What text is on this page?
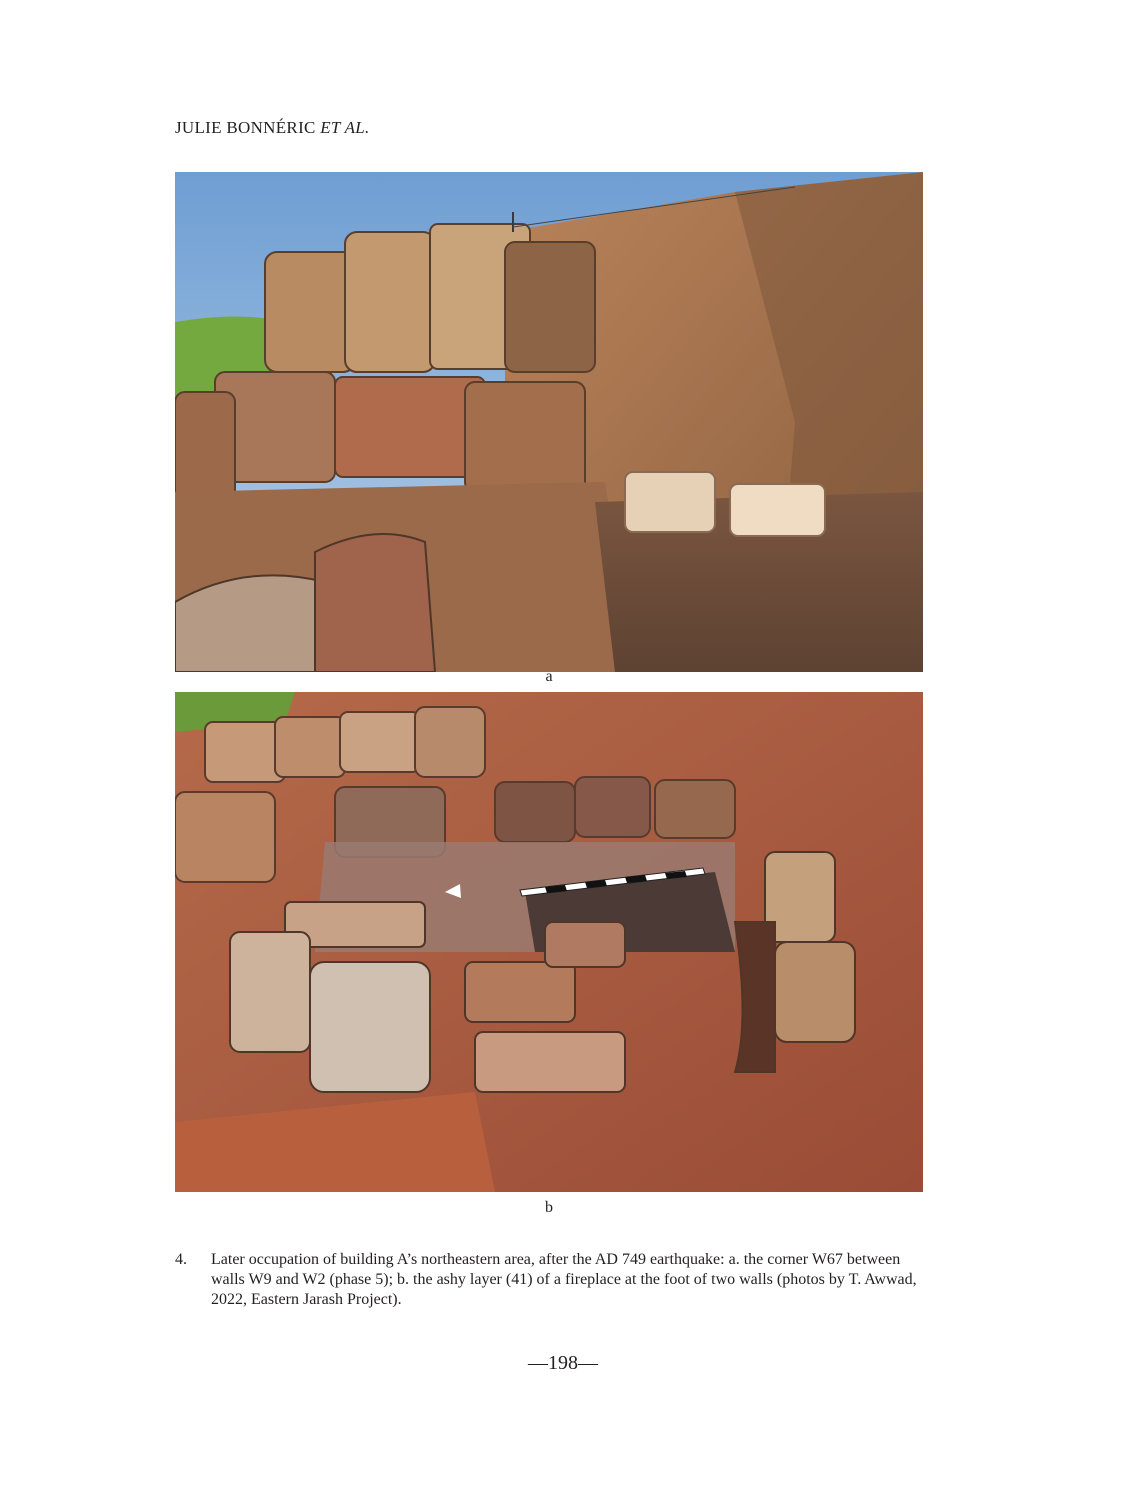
JULIE BONNÉRIC ET AL.
a
b
4. Later occupation of building A’s northeastern area, after the AD 749 earthquake: a. the corner W67 between walls W9 and W2 (phase 5); b. the ashy layer (41) of a fireplace at the foot of two walls (photos by T. Awwad, 2022, Eastern Jarash Project).
—198—
